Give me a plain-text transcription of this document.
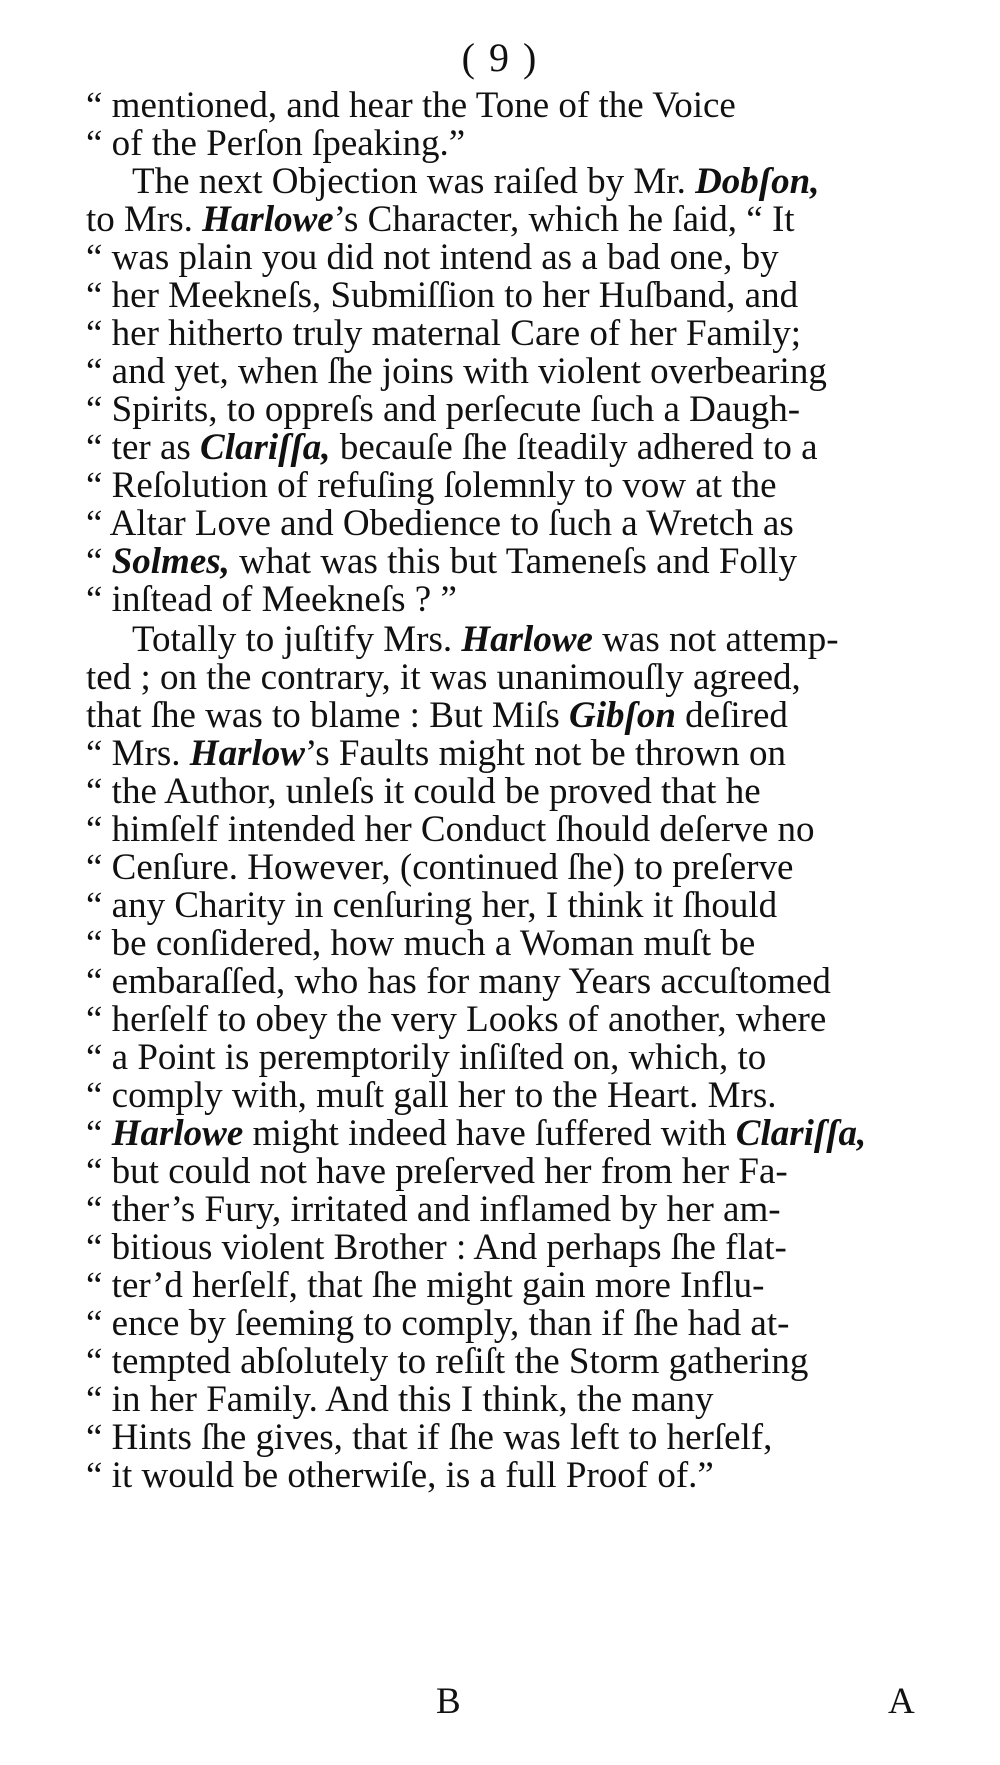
( 9 )
“ mentioned, and hear the Tone of the Voice
“ of the Perſon ſpeaking.”
The next Objection was raiſed by Mr. Dobſon,
to Mrs. Harlowe’s Character, which he ſaid, “ It
“ was plain you did not intend as a bad one, by
“ her Meekneſs, Submiſſion to her Huſband, and
“ her hitherto truly maternal Care of her Family;
“ and yet, when ſhe joins with violent overbearing
“ Spirits, to oppreſs and perſecute ſuch a Daugh-
“ ter as Clariſſa, becauſe ſhe ſteadily adhered to a
“ Reſolution of refuſing ſolemnly to vow at the
“ Altar Love and Obedience to ſuch a Wretch as
“ Solmes, what was this but Tameneſs and Folly
“ inſtead of Meekneſs ? ”
Totally to juſtify Mrs. Harlowe was not attemp-
ted ; on the contrary, it was unanimouſly agreed,
that ſhe was to blame : But Miſs Gibſon deſired
“ Mrs. Harlow’s Faults might not be thrown on
“ the Author, unleſs it could be proved that he
“ himſelf intended her Conduct ſhould deſerve no
“ Cenſure. However, (continued ſhe) to preſerve
“ any Charity in cenſuring her, I think it ſhould
“ be conſidered, how much a Woman muſt be
“ embaraſſed, who has for many Years accuſtomed
“ herſelf to obey the very Looks of another, where
“ a Point is peremptorily inſiſted on, which, to
“ comply with, muſt gall her to the Heart. Mrs.
“ Harlowe might indeed have ſuffered with Clariſſa,
“ but could not have preſerved her from her Fa-
“ ther’s Fury, irritated and inflamed by her am-
“ bitious violent Brother : And perhaps ſhe flat-
“ ter’d herſelf, that ſhe might gain more Influ-
“ ence by ſeeming to comply, than if ſhe had at-
“ tempted abſolutely to reſiſt the Storm gathering
“ in her Family. And this I think, the many
“ Hints ſhe gives, that if ſhe was left to herſelf,
“ it would be otherwiſe, is a full Proof of.”
B	A
